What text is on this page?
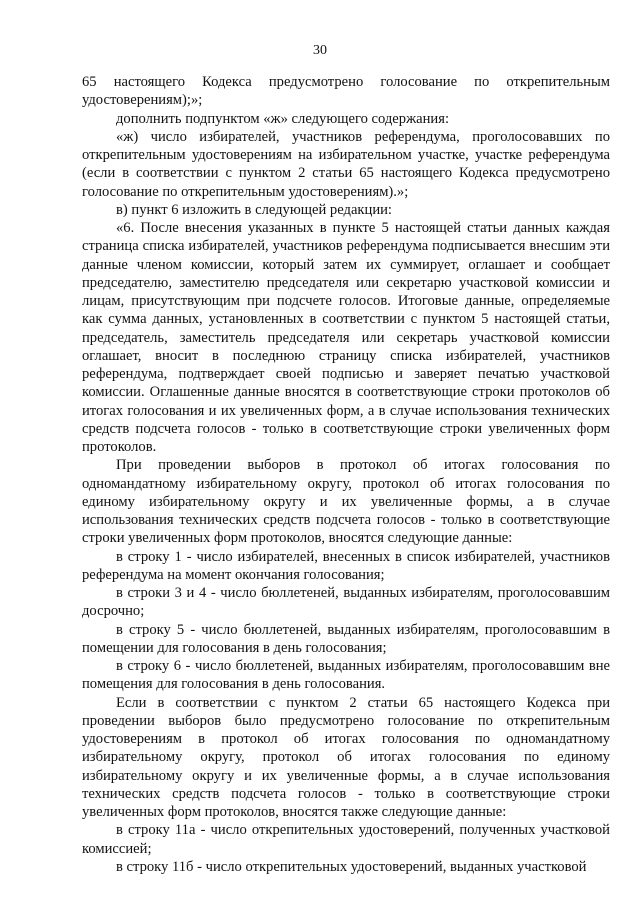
30

65 настоящего Кодекса предусмотрено голосование по открепительным удостоверениям);»;

дополнить подпунктом «ж» следующего содержания:

«ж) число избирателей, участников референдума, проголосовавших по открепительным удостоверениям на избирательном участке, участке референдума (если в соответствии с пунктом 2 статьи 65 настоящего Кодекса предусмотрено голосование по открепительным удостоверениям).»;

в) пункт 6 изложить в следующей редакции:

«6. После внесения указанных в пункте 5 настоящей статьи данных каждая страница списка избирателей, участников референдума подписывается внесшим эти данные членом комиссии, который затем их суммирует, оглашает и сообщает председателю, заместителю председателя или секретарю участковой комиссии и лицам, присутствующим при подсчете голосов. Итоговые данные, определяемые как сумма данных, установленных в соответствии с пунктом 5 настоящей статьи, председатель, заместитель председателя или секретарь участковой комиссии оглашает, вносит в последнюю страницу списка избирателей, участников референдума, подтверждает своей подписью и заверяет печатью участковой комиссии. Оглашенные данные вносятся в соответствующие строки протоколов об итогах голосования и их увеличенных форм, а в случае использования технических средств подсчета голосов - только в соответствующие строки увеличенных форм протоколов.

При проведении выборов в протокол об итогах голосования по одномандатному избирательному округу, протокол об итогах голосования по единому избирательному округу и их увеличенные формы, а в случае использования технических средств подсчета голосов - только в соответствующие строки увеличенных форм протоколов, вносятся следующие данные:

в строку 1 - число избирателей, внесенных в список избирателей, участников референдума на момент окончания голосования;

в строки 3 и 4 - число бюллетеней, выданных избирателям, проголосовавшим досрочно;

в строку 5 - число бюллетеней, выданных избирателям, проголосовавшим в помещении для голосования в день голосования;

в строку 6 - число бюллетеней, выданных избирателям, проголосовавшим вне помещения для голосования в день голосования.

Если в соответствии с пунктом 2 статьи 65 настоящего Кодекса при проведении выборов было предусмотрено голосование по открепительным удостоверениям в протокол об итогах голосования по одномандатному избирательному округу, протокол об итогах голосования по единому избирательному округу и их увеличенные формы, а в случае использования технических средств подсчета голосов - только в соответствующие строки увеличенных форм протоколов, вносятся также следующие данные:

в строку 11а - число открепительных удостоверений, полученных участковой комиссией;

в строку 11б - число открепительных удостоверений, выданных участковой
